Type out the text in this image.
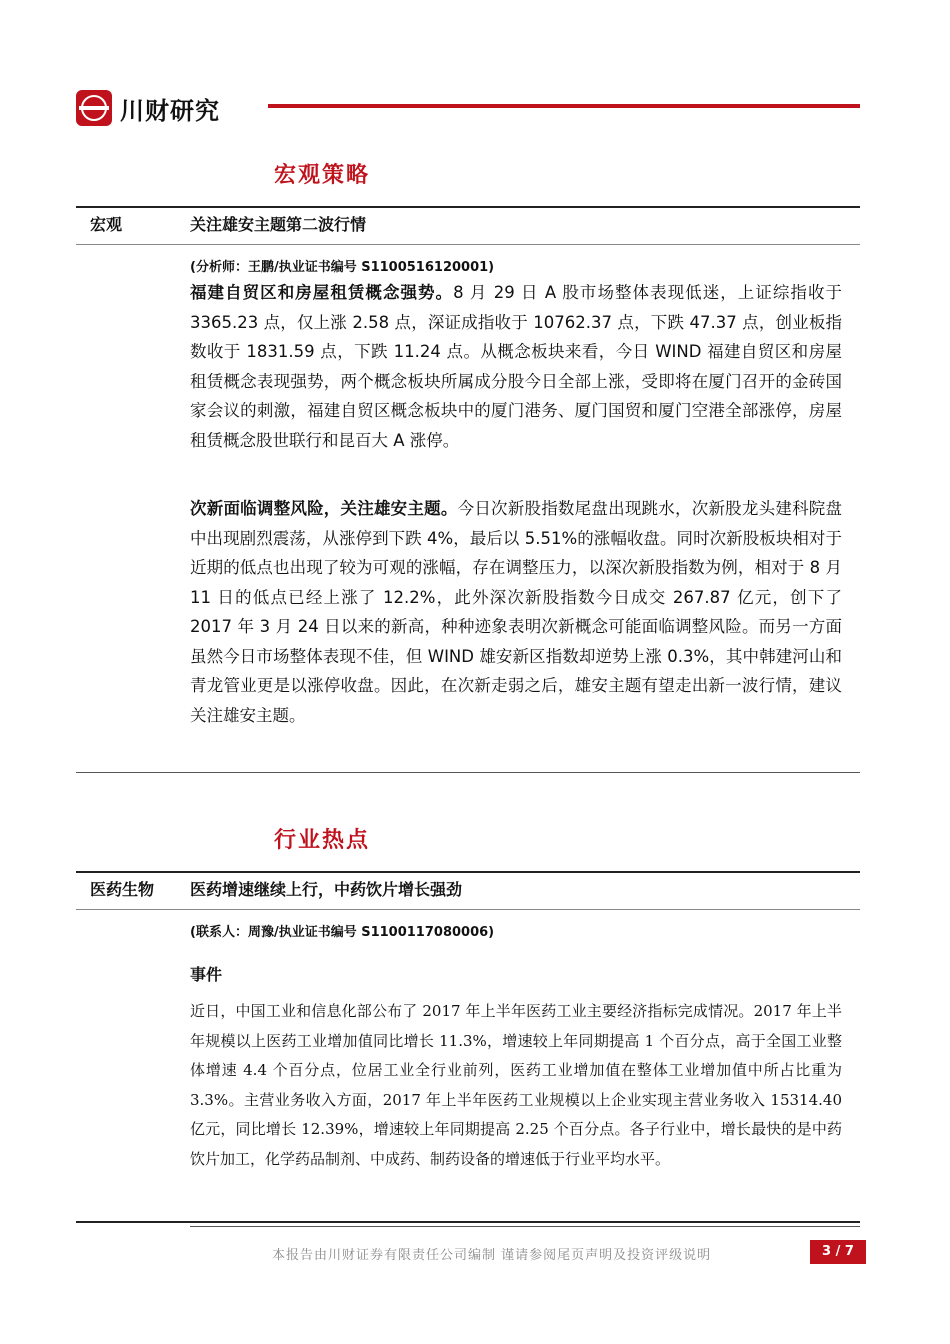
川财研究
宏观策略
宏观	关注雄安主题第二波行情
(分析师：王鹏/执业证书编号 S1100516120001)

福建自贸区和房屋租赁概念强势。8 月 29 日 A 股市场整体表现低迷，上证综指收于 3365.23 点，仅上涨 2.58 点，深证成指收于 10762.37 点，下跌 47.37 点，创业板指数收于 1831.59 点，下跌 11.24 点。从概念板块来看，今日 WIND 福建自贸区和房屋租赁概念表现强势，两个概念板块所属成分股今日全部上涨，受即将在厦门召开的金砖国家会议的刺激，福建自贸区概念板块中的厦门港务、厦门国贸和厦门空港全部涨停，房屋租赁概念股世联行和昆百大 A 涨停。

次新面临调整风险，关注雄安主题。今日次新股指数尾盘出现跳水，次新股龙头建科院盘中出现剧烈震荡，从涨停到下跌 4%，最后以 5.51%的涨幅收盘。同时次新股板块相对于近期的低点也出现了较为可观的涨幅，存在调整压力，以深次新股指数为例，相对于 8 月 11 日的低点已经上涨了 12.2%，此外深次新股指数今日成交 267.87 亿元，创下了 2017 年 3 月 24 日以来的新高，种种迹象表明次新概念可能面临调整风险。而另一方面虽然今日市场整体表现不佳，但 WIND 雄安新区指数却逆势上涨 0.3%，其中韩建河山和青龙管业更是以涨停收盘。因此，在次新走弱之后，雄安主题有望走出新一波行情，建议关注雄安主题。

行业热点
医药生物 医药增速继续上行，中药饮片增长强劲
(联系人：周豫/执业证书编号 S1100117080006)
事件

近日，中国工业和信息化部公布了 2017 年上半年医药工业主要经济指标完成情况。2017 年上半年规模以上医药工业增加值同比增长 11.3%，增速较上年同期提高 1 个百分点，高于全国工业整体增速 4.4 个百分点，位居工业全行业前列，医药工业增加值在整体工业增加值中所占比重为 3.3%。主营业务收入方面，2017 年上半年医药工业规模以上企业实现主营业务收入 15314.40 亿元，同比增长 12.39%，增速较上年同期提高 2.25 个百分点。各子行业中，增长最快的是中药饮片加工，化学药品制剂、中成药、制药设备的增速低于行业平均水平。

本报告由川财证券有限责任公司编制 谨请参阅尾页声明及投资评级说明	3 / 7
